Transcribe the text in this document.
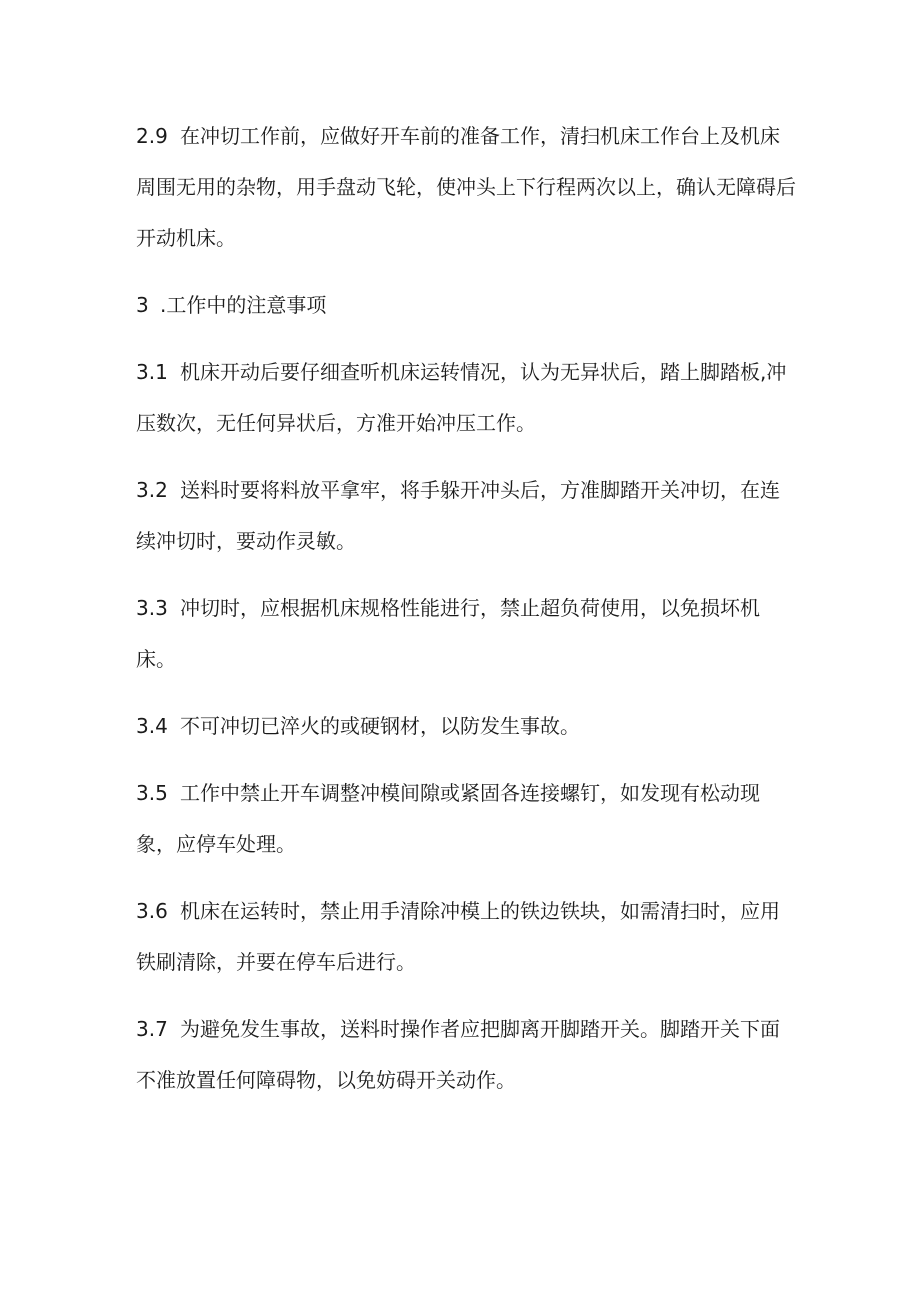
2.9 在冲切工作前，应做好开车前的准备工作，清扫机床工作台上及机床周围无用的杂物，用手盘动飞轮，使冲头上下行程两次以上，确认无障碍后开动机床。

3 .工作中的注意事项

3.1 机床开动后要仔细查听机床运转情况，认为无异状后，踏上脚踏板,冲压数次，无任何异状后，方准开始冲压工作。

3.2 送料时要将料放平拿牢，将手躲开冲头后，方准脚踏开关冲切，在连续冲切时，要动作灵敏。

3.3 冲切时，应根据机床规格性能进行，禁止超负荷使用，以免损坏机床。

3.4 不可冲切已淬火的或硬钢材，以防发生事故。

3.5 工作中禁止开车调整冲模间隙或紧固各连接螺钉，如发现有松动现象，应停车处理。

3.6 机床在运转时，禁止用手清除冲模上的铁边铁块，如需清扫时，应用铁刷清除，并要在停车后进行。

3.7 为避免发生事故，送料时操作者应把脚离开脚踏开关。脚踏开关下面不准放置任何障碍物，以免妨碍开关动作。
